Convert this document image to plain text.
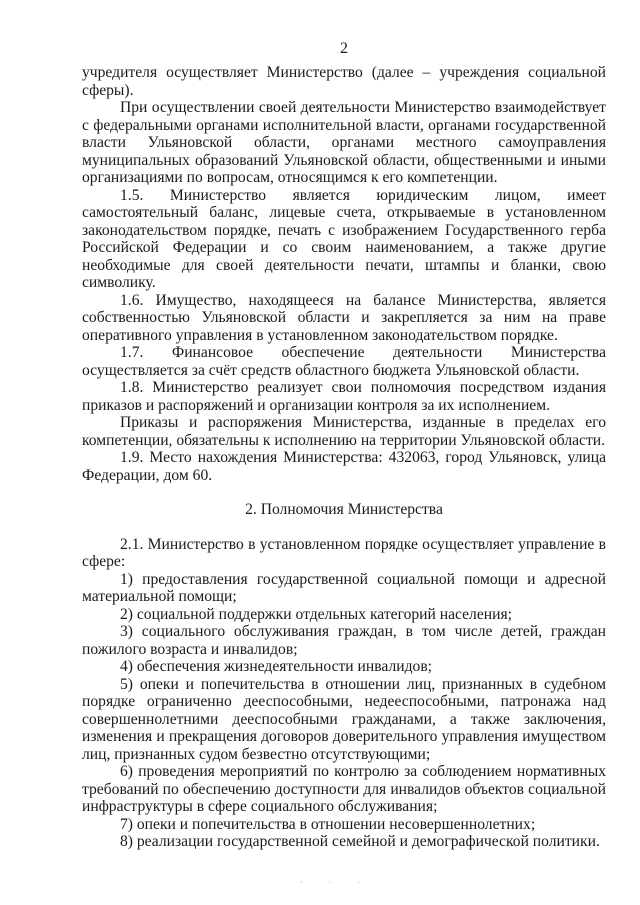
2

учредителя осуществляет Министерство (далее – учреждения социальной сферы).

При осуществлении своей деятельности Министерство взаимодействует с федеральными органами исполнительной власти, органами государственной власти Ульяновской области, органами местного самоуправления муниципальных образований Ульяновской области, общественными и иными организациями по вопросам, относящимся к его компетенции.

1.5. Министерство является юридическим лицом, имеет самостоятельный баланс, лицевые счета, открываемые в установленном законодательством порядке, печать с изображением Государственного герба Российской Федерации и со своим наименованием, а также другие необходимые для своей деятельности печати, штампы и бланки, свою символику.

1.6. Имущество, находящееся на балансе Министерства, является собственностью Ульяновской области и закрепляется за ним на праве оперативного управления в установленном законодательством порядке.

1.7. Финансовое обеспечение деятельности Министерства осуществляется за счёт средств областного бюджета Ульяновской области.

1.8. Министерство реализует свои полномочия посредством издания приказов и распоряжений и организации контроля за их исполнением.

Приказы и распоряжения Министерства, изданные в пределах его компетенции, обязательны к исполнению на территории Ульяновской области.

1.9. Место нахождения Министерства: 432063, город Ульяновск, улица Федерации, дом 60.

2. Полномочия Министерства

2.1. Министерство в установленном порядке осуществляет управление в сфере:

1) предоставления государственной социальной помощи и адресной материальной помощи;

2) социальной поддержки отдельных категорий населения;

3) социального обслуживания граждан, в том числе детей, граждан пожилого возраста и инвалидов;

4) обеспечения жизнедеятельности инвалидов;

5) опеки и попечительства в отношении лиц, признанных в судебном порядке ограниченно дееспособными, недееспособными, патронажа над совершеннолетними дееспособными гражданами, а также заключения, изменения и прекращения договоров доверительного управления имуществом лиц, признанных судом безвестно отсутствующими;

6) проведения мероприятий по контролю за соблюдением нормативных требований по обеспечению доступности для инвалидов объектов социальной инфраструктуры в сфере социального обслуживания;

7) опеки и попечительства в отношении несовершеннолетних;

8) реализации государственной семейной и демографической политики.

· · ·
